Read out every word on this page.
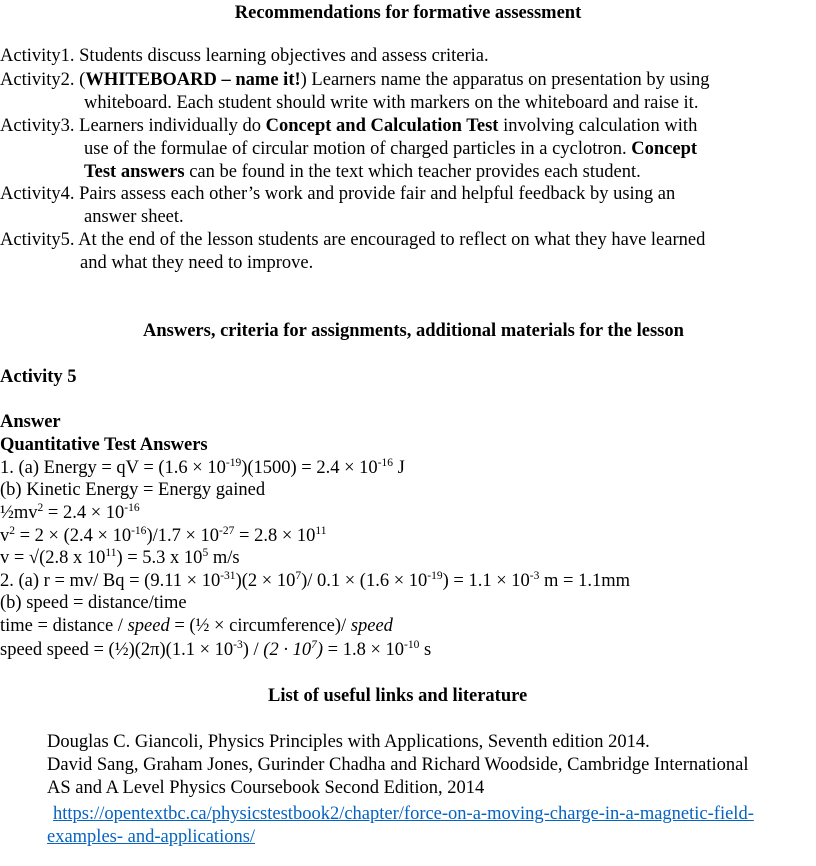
Recommendations for formative assessment
Activity1. Students discuss learning objectives and assess criteria.
Activity2. (WHITEBOARD – name it!) Learners name the apparatus on presentation by using
whiteboard. Each student should write with markers on the whiteboard and raise it.
Activity3. Learners individually do Concept and Calculation Test involving calculation with
use of the formulae of circular motion of charged particles in a cyclotron. Concept
Test answers can be found in the text which teacher provides each student.
Activity4. Pairs assess each other’s work and provide fair and helpful feedback by using an
answer sheet.
Activity5. At the end of the lesson students are encouraged to reflect on what they have learned
and what they need to improve.
Answers, criteria for assignments, additional materials for the lesson
Activity 5
Answer
Quantitative Test Answers
1. (a) Energy = qV = $(1.6 \times 10^{-19})(1500) = 2.4 \times 10^{-16}$ J
(b) Kinetic Energy = Energy gained
$\frac{1}{2}mv^2 = 2.4 \times 10^{-16}$
$v^2 = 2 \times (2.4 \times 10^{-16})/1.7 \times 10^{-27} = 2.8 \times 10^{11}$
v = √(2.8 x $10^{11}) = 5.3$ x $10^5$ m/s
2. (a) r = mv/ $Bq = (9.11 \times 10^{-31})(2 \times 10^7)/$ $0.1 \times (1.6 \times 10^{-19}) = 1.1 \times 10^{-3}$ m = 1.1mm
(b) speed = distance/time
time = distance / speed = (½ × circumference)/ speed
speed speed = (½)(2π)(1.1 × $10^{-3}) / (2 \cdot 10^7) = 1.8 \times 10^{-10}$ s
List of useful links and literature
Douglas C. Giancoli, Physics Principles with Applications, Seventh edition 2014.
David Sang, Graham Jones, Gurinder Chadha and Richard Woodside, Cambridge International
AS and A Level Physics Coursebook Second Edition, 2014
https://opentextbc.ca/physicstestbook2/chapter/force-on-a-moving-charge-in-a-magnetic-field-
examples- and-applications/
